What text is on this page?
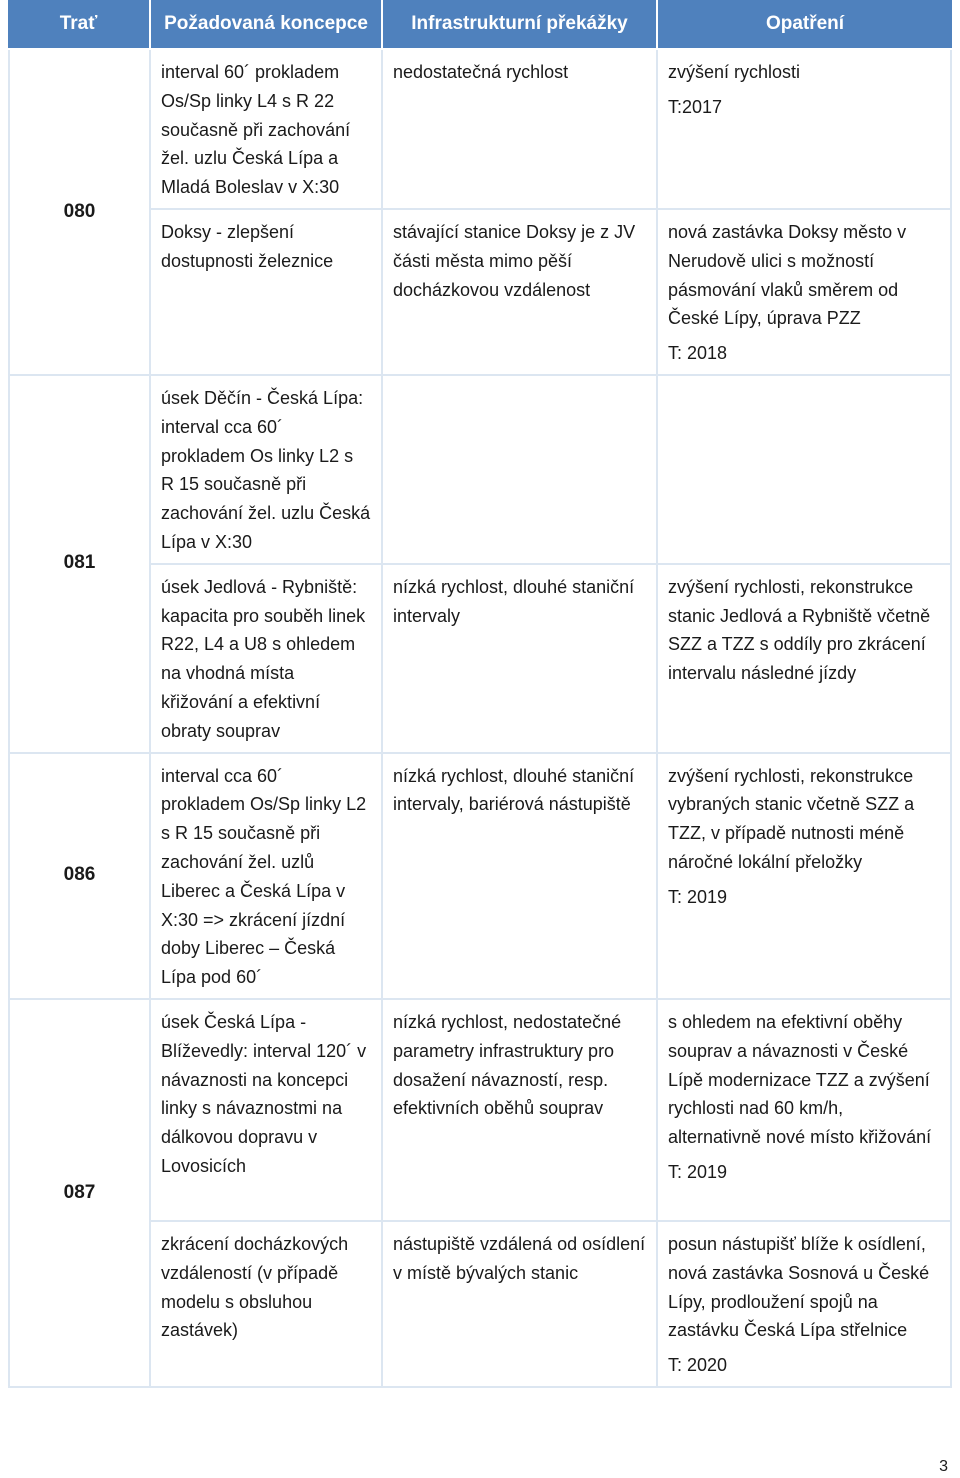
Trať	Požadovaná koncepce	Infrastrukturní překážky	Opatření
080	interval 60´ prokladem Os/Sp linky L4 s R 22 současně při zachování žel. uzlu Česká Lípa a Mladá Boleslav v X:30	nedostatečná rychlost	zvýšení rychlosti

T:2017

	Doksy - zlepšení dostupnosti železnice	stávající stanice Doksy je z JV části města mimo pěší docházkovou vzdálenost	nová zastávka Doksy město v Nerudově ulici s možností pásmování vlaků směrem od České Lípy, úprava PZZ

T: 2018

081	úsek Děčín - Česká Lípa: interval cca 60´ prokladem Os linky L2 s R 15 současně při zachování žel. uzlu Česká Lípa v X:30		

	úsek Jedlová - Rybniště: kapacita pro souběh linek R22, L4 a U8 s ohledem na vhodná místa křižování a efektivní obraty souprav	nízká rychlost, dlouhé staniční intervaly	zvýšení rychlosti, rekonstrukce stanic Jedlová a Rybniště včetně SZZ a TZZ s oddíly pro zkrácení intervalu následné jízdy

086	interval cca 60´ prokladem Os/Sp linky L2 s R 15 současně při zachování žel. uzlů Liberec a Česká Lípa v X:30 => zkrácení jízdní doby Liberec – Česká Lípa pod 60´	nízká rychlost, dlouhé staniční intervaly, bariérová nástupiště	zvýšení rychlosti, rekonstrukce vybraných stanic včetně SZZ a TZZ, v případě nutnosti méně náročné lokální přeložky

T: 2019

087	úsek Česká Lípa - Blíževedly: interval 120´ v návaznosti na koncepci linky s návaznostmi na dálkovou dopravu v Lovosicích	nízká rychlost, nedostatečné parametry infrastruktury pro dosažení návazností, resp. efektivních oběhů souprav	s ohledem na efektivní oběhy souprav a návaznosti v České Lípě modernizace TZZ a zvýšení rychlosti nad 60 km/h, alternativně nové místo křižování

T: 2019

	zkrácení docházkových vzdáleností (v případě modelu s obsluhou zastávek)	nástupiště vzdálená od osídlení v místě bývalých stanic	posun nástupišť blíže k osídlení, nová zastávka Sosnová u České Lípy, prodloužení spojů na zastávku Česká Lípa střelnice

T: 2020

3
